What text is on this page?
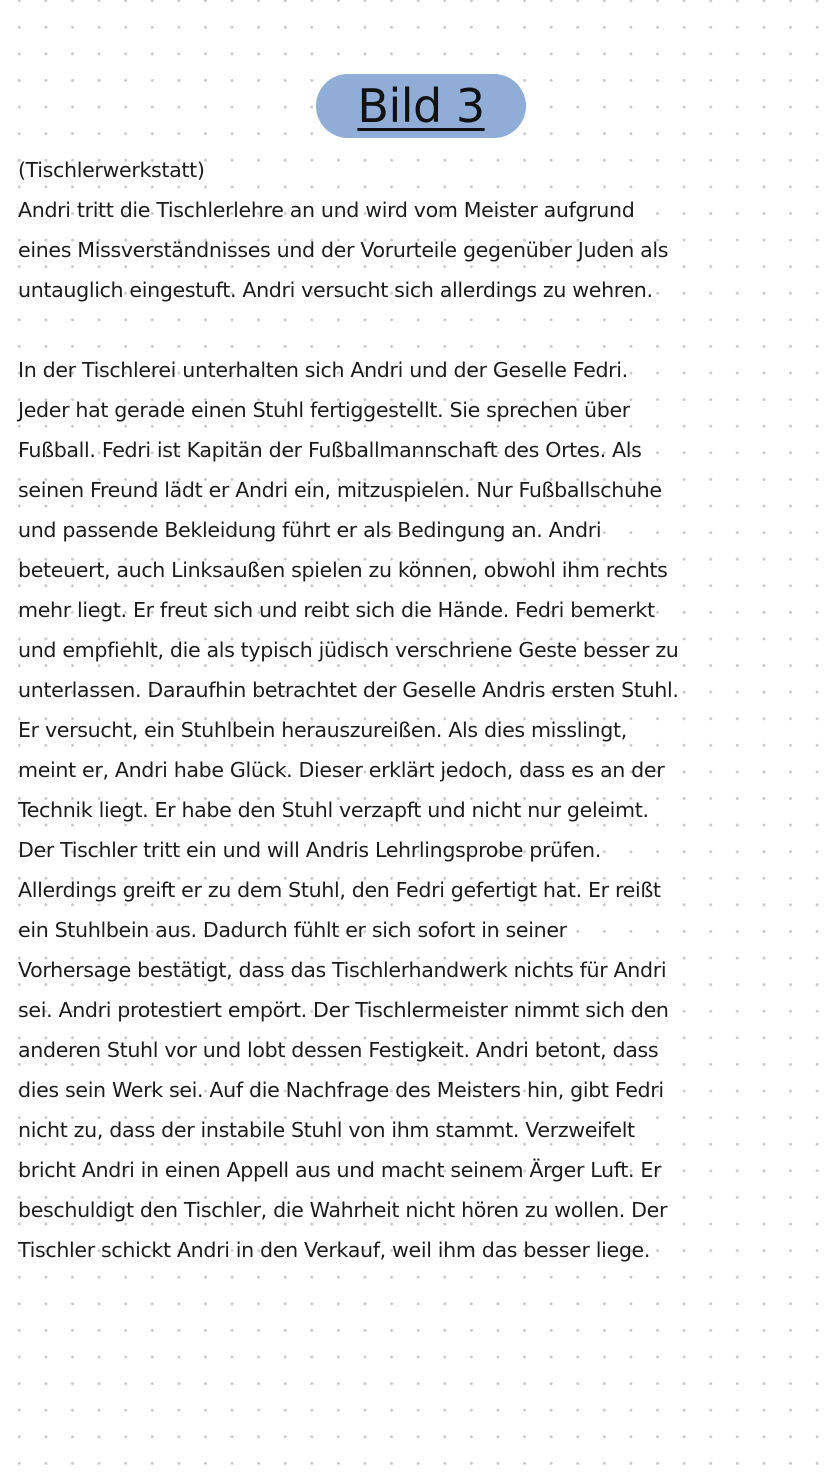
Bild 3
(Tischlerwerkstatt)
Andri tritt die Tischlerlehre an und wird vom Meister aufgrund
eines Missverständnisses und der Vorurteile gegenüber Juden als
untauglich eingestuft. Andri versucht sich allerdings zu wehren.
In der Tischlerei unterhalten sich Andri und der Geselle Fedri.
Jeder hat gerade einen Stuhl fertiggestellt. Sie sprechen über
Fußball. Fedri ist Kapitän der Fußballmannschaft des Ortes. Als
seinen Freund lädt er Andri ein, mitzuspielen. Nur Fußballschuhe
und passende Bekleidung führt er als Bedingung an. Andri
beteuert, auch Linksaußen spielen zu können, obwohl ihm rechts
mehr liegt. Er freut sich und reibt sich die Hände. Fedri bemerkt
und empfiehlt, die als typisch jüdisch verschriene Geste besser zu
unterlassen. Daraufhin betrachtet der Geselle Andris ersten Stuhl.
Er versucht, ein Stuhlbein herauszureißen. Als dies misslingt,
meint er, Andri habe Glück. Dieser erklärt jedoch, dass es an der
Technik liegt. Er habe den Stuhl verzapft und nicht nur geleimt.
Der Tischler tritt ein und will Andris Lehrlingsprobe prüfen.
Allerdings greift er zu dem Stuhl, den Fedri gefertigt hat. Er reißt
ein Stuhlbein aus. Dadurch fühlt er sich sofort in seiner
Vorhersage bestätigt, dass das Tischlerhandwerk nichts für Andri
sei. Andri protestiert empört. Der Tischlermeister nimmt sich den
anderen Stuhl vor und lobt dessen Festigkeit. Andri betont, dass
dies sein Werk sei. Auf die Nachfrage des Meisters hin, gibt Fedri
nicht zu, dass der instabile Stuhl von ihm stammt. Verzweifelt
bricht Andri in einen Appell aus und macht seinem Ärger Luft. Er
beschuldigt den Tischler, die Wahrheit nicht hören zu wollen. Der
Tischler schickt Andri in den Verkauf, weil ihm das besser liege.
